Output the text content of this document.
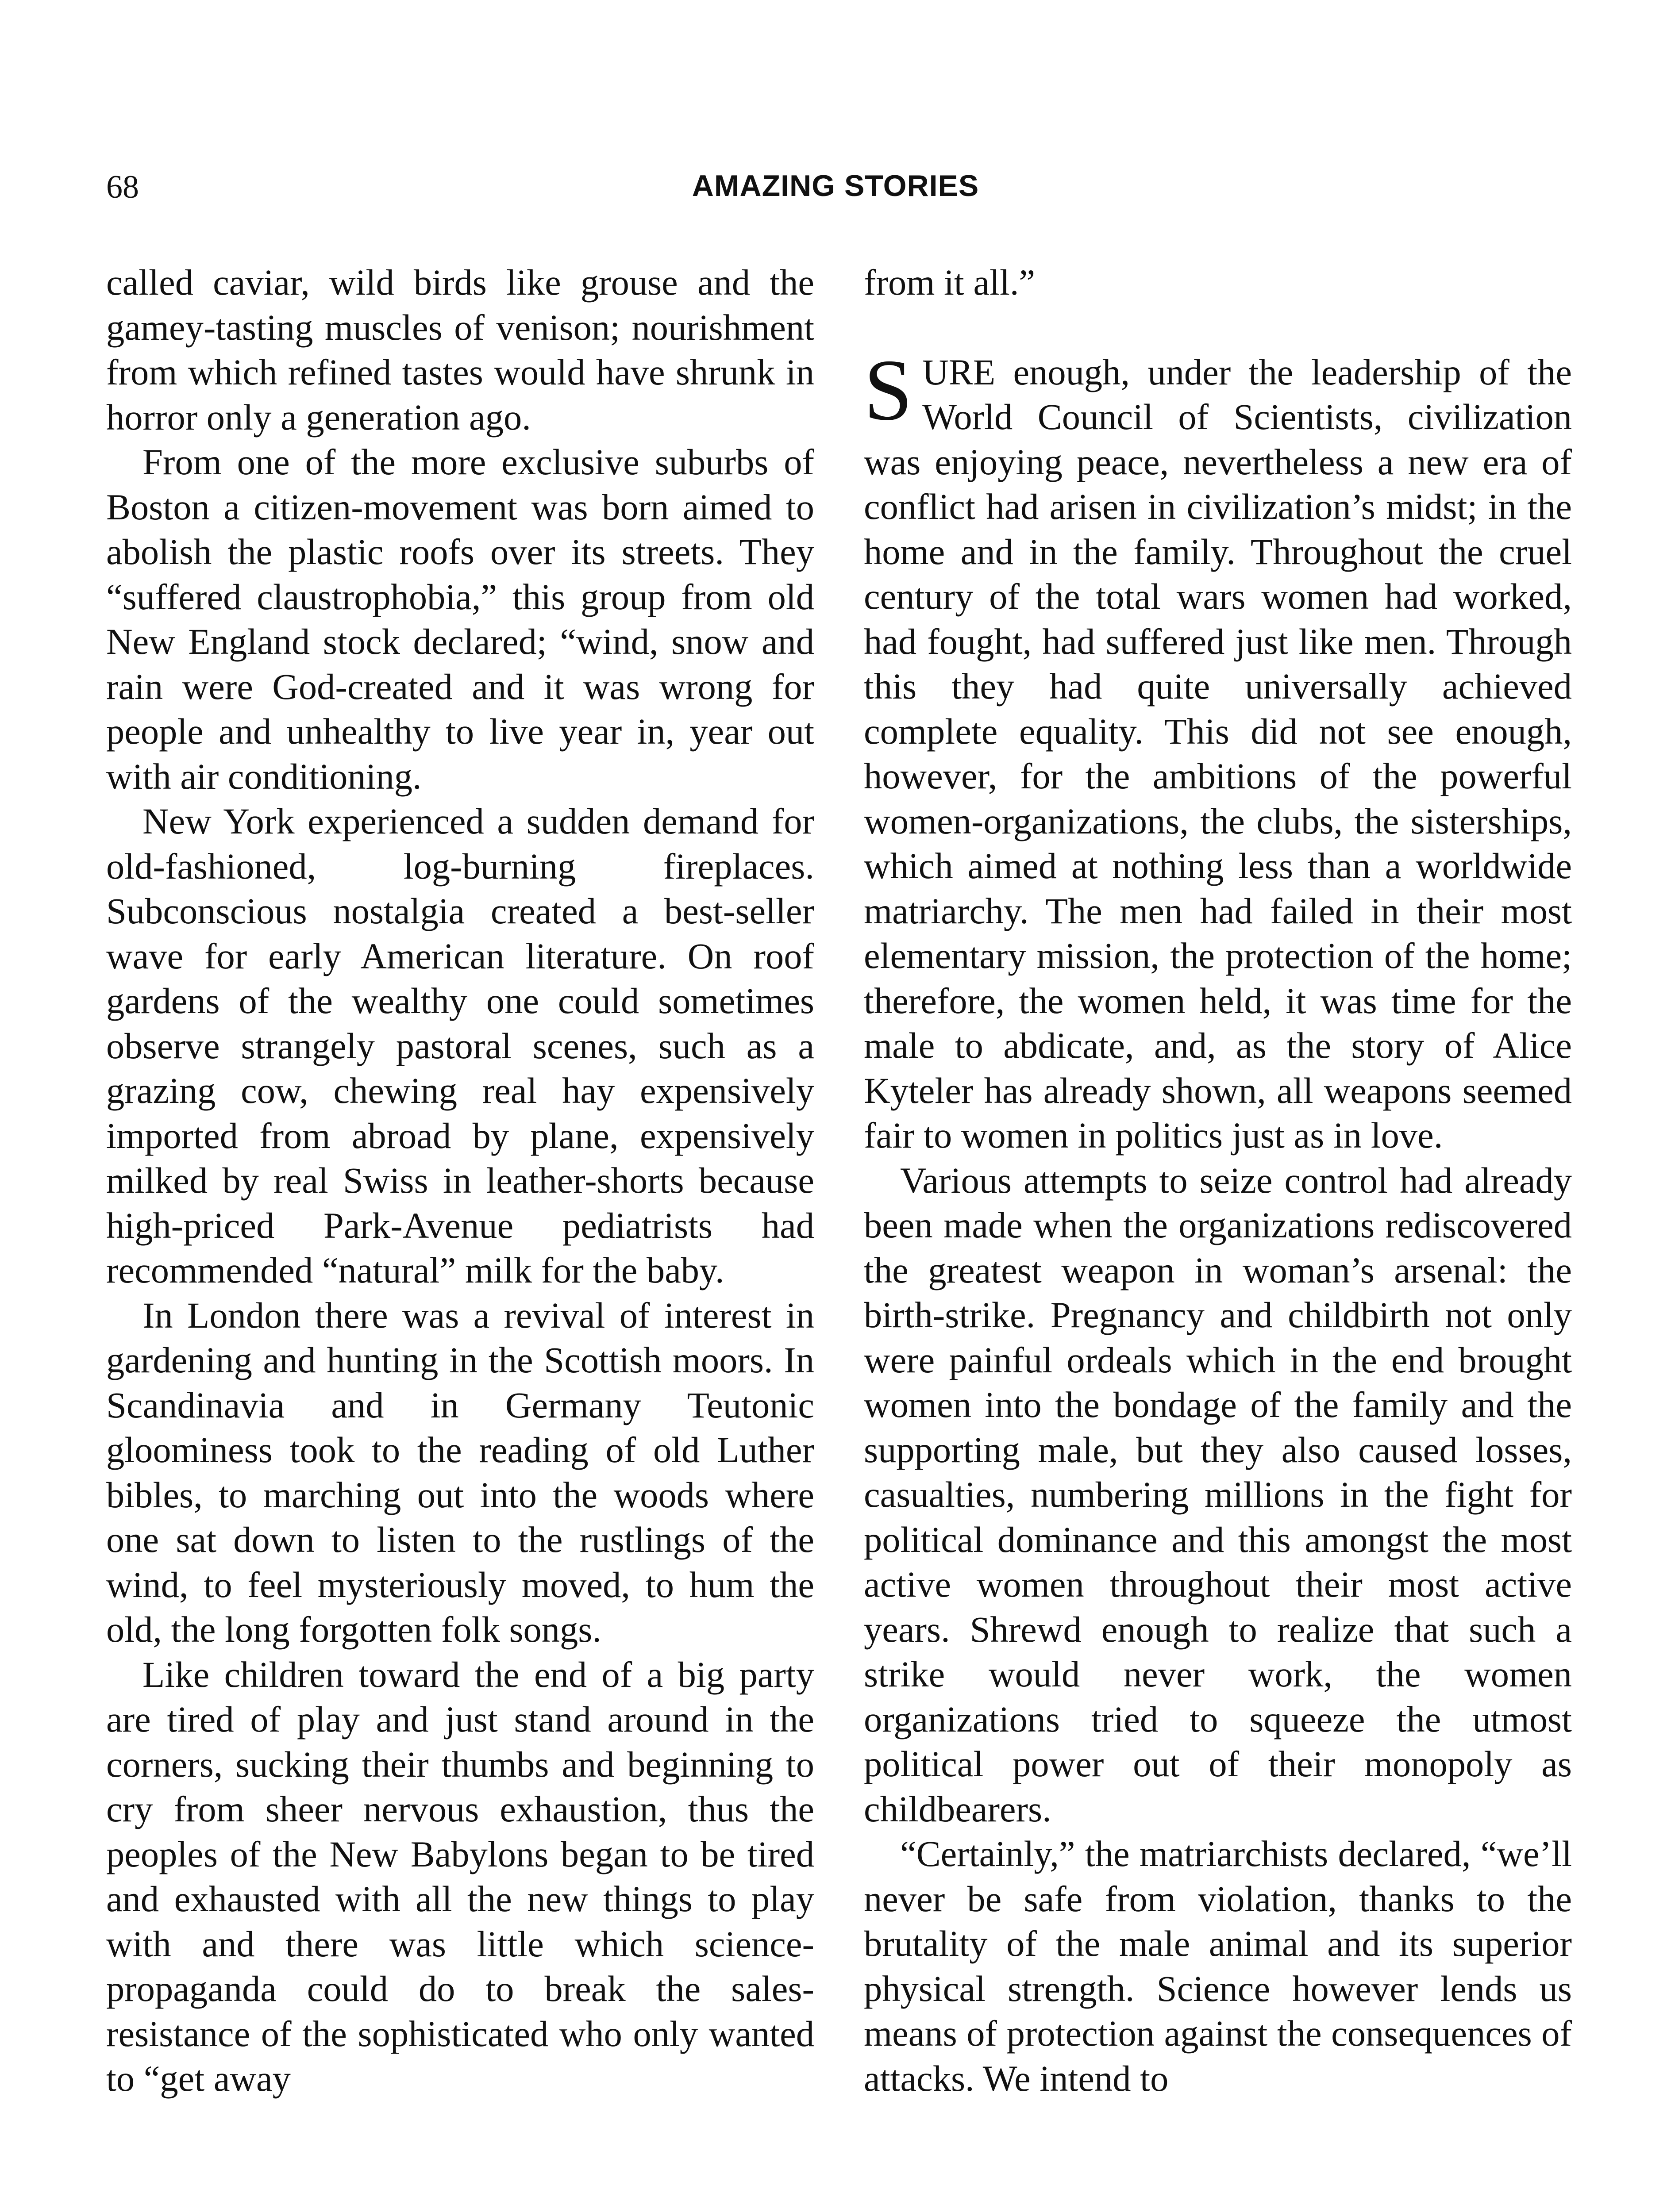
68	AMAZING STORIES

called caviar, wild birds like grouse and the gamey-tasting muscles of venison; nourishment from which refined tastes would have shrunk in horror only a generation ago.

From one of the more exclusive suburbs of Boston a citizen-movement was born aimed to abolish the plastic roofs over its streets. They “suffered claustrophobia,” this group from old New England stock declared; “wind, snow and rain were God-created and it was wrong for people and unhealthy to live year in, year out with air conditioning.

New York experienced a sudden demand for old-fashioned, log-burning fireplaces. Subconscious nostalgia created a best-seller wave for early American literature. On roof gardens of the wealthy one could sometimes observe strangely pastoral scenes, such as a grazing cow, chewing real hay expensively imported from abroad by plane, expensively milked by real Swiss in leather-shorts because high-priced Park-Avenue pediatrists had recommended “natural” milk for the baby.

In London there was a revival of interest in gardening and hunting in the Scottish moors. In Scandinavia and in Germany Teutonic gloominess took to the reading of old Luther bibles, to marching out into the woods where one sat down to listen to the rustlings of the wind, to feel mysteriously moved, to hum the old, the long forgotten folk songs.

Like children toward the end of a big party are tired of play and just stand around in the corners, sucking their thumbs and beginning to cry from sheer nervous exhaustion, thus the peoples of the New Babylons began to be tired and exhausted with all the new things to play with and there was little which science-propaganda could do to break the sales-resistance of the sophisticated who only wanted to “get away

from it all.”

SURE enough, under the leadership of the World Council of Scientists, civilization was enjoying peace, nevertheless a new era of conflict had arisen in civilization’s midst; in the home and in the family. Throughout the cruel century of the total wars women had worked, had fought, had suffered just like men. Through this they had quite universally achieved complete equality. This did not see enough, however, for the ambitions of the powerful women-organizations, the clubs, the sisterships, which aimed at nothing less than a worldwide matriarchy. The men had failed in their most elementary mission, the protection of the home; therefore, the women held, it was time for the male to abdicate, and, as the story of Alice Kyteler has already shown, all weapons seemed fair to women in politics just as in love.

Various attempts to seize control had already been made when the organizations rediscovered the greatest weapon in woman’s arsenal: the birth-strike. Pregnancy and childbirth not only were painful ordeals which in the end brought women into the bondage of the family and the supporting male, but they also caused losses, casualties, numbering millions in the fight for political dominance and this amongst the most active women throughout their most active years. Shrewd enough to realize that such a strike would never work, the women organizations tried to squeeze the utmost political power out of their monopoly as childbearers.

“Certainly,” the matriarchists declared, “we’ll never be safe from violation, thanks to the brutality of the male animal and its superior physical strength. Science however lends us means of protection against the consequences of attacks. We intend to
